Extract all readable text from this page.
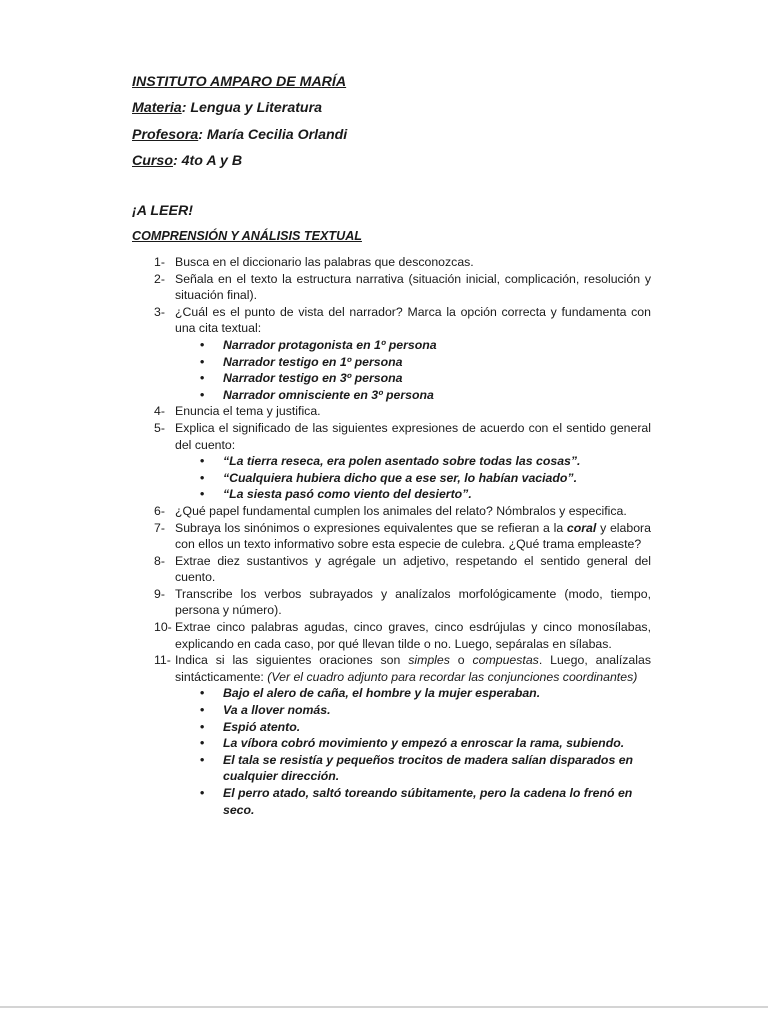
INSTITUTO AMPARO DE MARÍA
Materia: Lengua y Literatura
Profesora: María Cecilia Orlandi
Curso: 4to A y B
¡A LEER!
COMPRENSIÓN Y ANÁLISIS TEXTUAL
1- Busca en el diccionario las palabras que desconozcas.
2- Señala en el texto la estructura narrativa (situación inicial, complicación, resolución y situación final).
3- ¿Cuál es el punto de vista del narrador? Marca la opción correcta y fundamenta con una cita textual:
• Narrador protagonista en 1º persona
• Narrador testigo en 1º persona
• Narrador testigo en 3º persona
• Narrador omnisciente en 3º persona
4- Enuncia el tema y justifica.
5- Explica el significado de las siguientes expresiones de acuerdo con el sentido general del cuento:
• “La tierra reseca, era polen asentado sobre todas las cosas”.
• “Cualquiera hubiera dicho que a ese ser, lo habían vaciado”.
• “La siesta pasó como viento del desierto”.
6- ¿Qué papel fundamental cumplen los animales del relato? Nómbralos y especifica.
7- Subraya los sinónimos o expresiones equivalentes que se refieran a la coral y elabora con ellos un texto informativo sobre esta especie de culebra. ¿Qué trama empleaste?
8- Extrae diez sustantivos y agrégale un adjetivo, respetando el sentido general del cuento.
9- Transcribe los verbos subrayados y analízalos morfológicamente (modo, tiempo, persona y número).
10- Extrae cinco palabras agudas, cinco graves, cinco esdrújulas y cinco monosílabas, explicando en cada caso, por qué llevan tilde o no. Luego, sepáralas en sílabas.
11- Indica si las siguientes oraciones son simples o compuestas. Luego, analízalas sintácticamente: (Ver el cuadro adjunto para recordar las conjunciones coordinantes)
• Bajo el alero de caña, el hombre y la mujer esperaban.
• Va a llover nomás.
• Espió atento.
• La víbora cobró movimiento y empezó a enroscar la rama, subiendo.
• El tala se resistía y pequeños trocitos de madera salían disparados en cualquier dirección.
• El perro atado, saltó toreando súbitamente, pero la cadena lo frenó en seco.
